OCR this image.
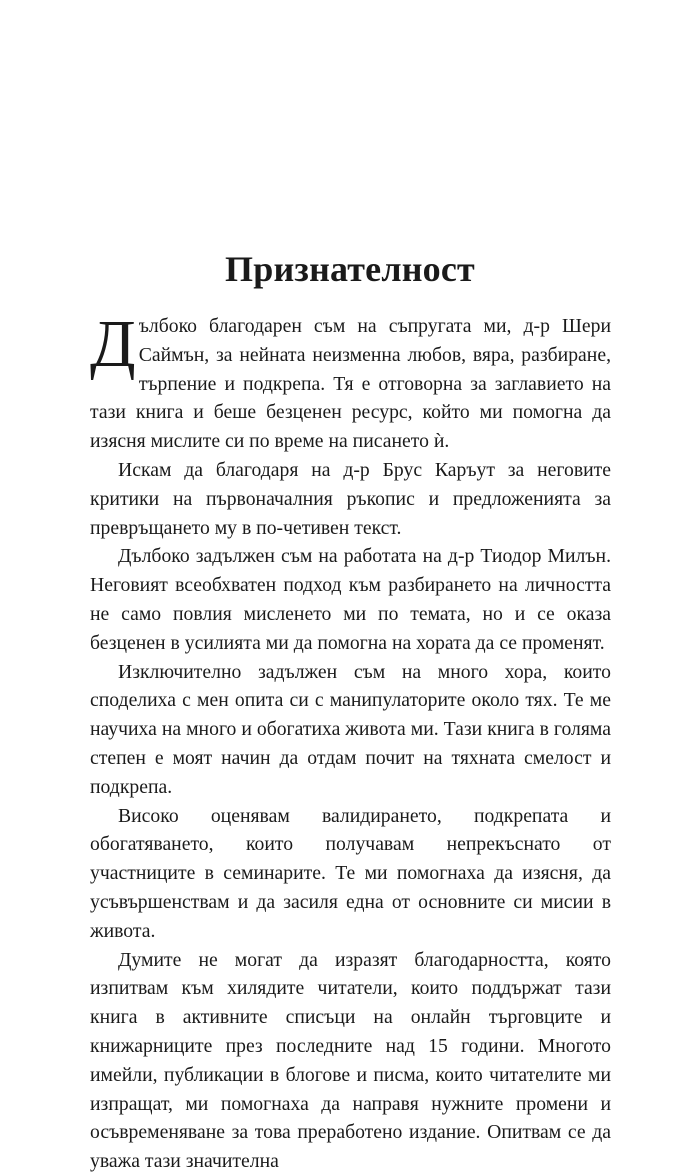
Признателност

Дълбоко благодарен съм на съпругата ми, д-р Шери Саймън, за нейната неизменна любов, вяра, разбиране, търпение и подкрепа. Тя е отговорна за заглавието на тази книга и беше безценен ресурс, който ми помогна да изясня мислите си по време на писането ѝ.

Искам да благодаря на д-р Брус Каръут за неговите критики на първоначалния ръкопис и предложенията за превръщането му в по-четивен текст.

Дълбоко задължен съм на работата на д-р Тиодор Милън. Неговият всеобхватен подход към разбирането на личността не само повлия мисленето ми по темата, но и се оказа безценен в усилията ми да помогна на хората да се променят.

Изключително задължен съм на много хора, които споделиха с мен опита си с манипулаторите около тях. Те ме научиха на много и обогатиха живота ми. Тази книга в голяма степен е моят начин да отдам почит на тяхната смелост и подкрепа.

Високо оценявам валидирането, подкрепата и обогатяването, които получавам непрекъснато от участниците в семинарите. Те ми помогнаха да изясня, да усъвършенствам и да засиля една от основните си мисии в живота.

Думите не могат да изразят благодарността, която изпитвам към хилядите читатели, които поддържат тази книга в активните списъци на онлайн търговците и книжарниците през последните над 15 години. Многото имейли, публикации в блогове и писма, които читателите ми изпращат, ми помогнаха да направя нужните промени и осъвременяване за това преработено издание. Опитвам се да уважа тази значителна
